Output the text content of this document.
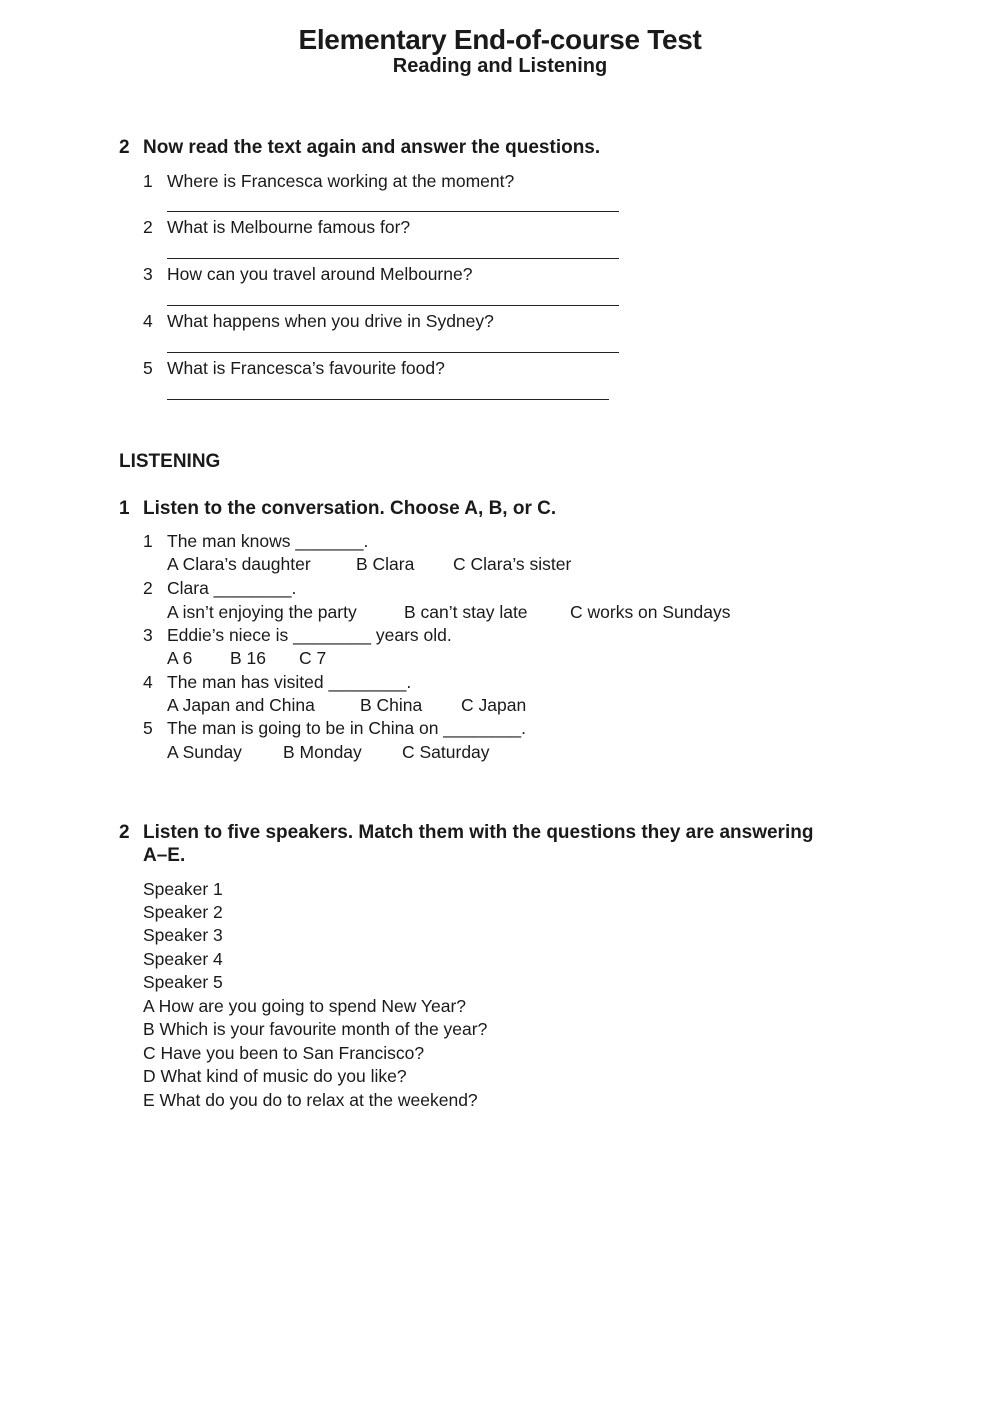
Elementary End-of-course Test
Reading and Listening
2 Now read the text again and answer the questions.
1 Where is Francesca working at the moment?
2 What is Melbourne famous for?
3 How can you travel around Melbourne?
4 What happens when you drive in Sydney?
5 What is Francesca’s favourite food?
LISTENING
1 Listen to the conversation. Choose A, B, or C.
1 The man knows _______.
A Clara’s daughter	B Clara C Clara’s sister
2 Clara ________.
A isn’t enjoying the party	B can’t stay late C works on Sundays
3 Eddie’s niece is ________ years old.
A 6 B 16 C 7
4 The man has visited ________.
A Japan and China	B China C Japan
5 The man is going to be in China on ________.
A Sunday B Monday C Saturday
2 Listen to five speakers. Match them with the questions they are answering
A–E.
Speaker 1
Speaker 2
Speaker 3
Speaker 4
Speaker 5
A How are you going to spend New Year?
B Which is your favourite month of the year?
C Have you been to San Francisco?
D What kind of music do you like?
E What do you do to relax at the weekend?
